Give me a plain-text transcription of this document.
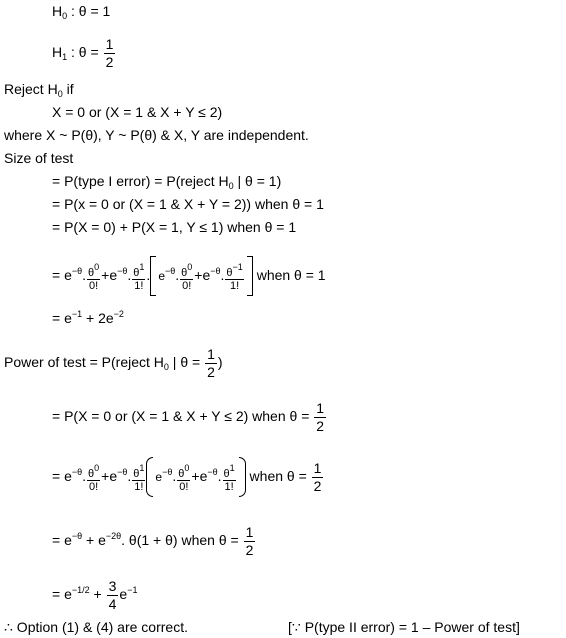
$H_0$ : θ = 1
$H_1$ : $\theta = \frac{1}{2}$
Reject $H_0$ if
X = 0 or (X = 1 & X + Y ≤ 2)
where X ~ P(θ), Y ~ P(θ) & X, Y are independent.
Size of test
= P(type I error) = P(reject $H_0$ | θ = 1)
= P(x = 0 or (X = 1 & X + Y = 2)) when θ = 1
= P(X = 0) + P(X = 1, Y ≤ 1) when θ = 1
= $e^{-\theta}$. $\frac{\theta^0}{0!} +e^{-\theta}$. $\frac{\theta^1}{1!}$ . $e^{-\theta}$. $\frac{\theta^0}{0!} +e^{-\theta}$. $\frac{\theta^{-1}}{1!}$ when θ = 1
= $e^{-1} + 2e^{-2}$
Power of test = P(reject $H_0$ | $\theta = \frac{1}{2}$ )
= P(X = 0 or (X = 1 & X + Y ≤ 2) when $\theta = \frac{1}{2}$
= $e^{-\theta}$. $\frac{\theta^0}{0!} +e^{-\theta}$. $\frac{\theta^1}{1!} e^{-\theta}$. $\frac{\theta^0}{0!} +e^{-\theta}$. $\frac{\theta^1}{1!}$ when $\theta = \frac{1}{2}$
= $e^{-\theta} + e^{-2\theta}$. θ(1 + θ) when $\theta = \frac{1}{2}$
= $e^{-1/2} + \frac{3}{4} e^{-1}$
∴ Option (1) & (4) are correct.	[∵ P(type II error) = 1 – Power of test]
